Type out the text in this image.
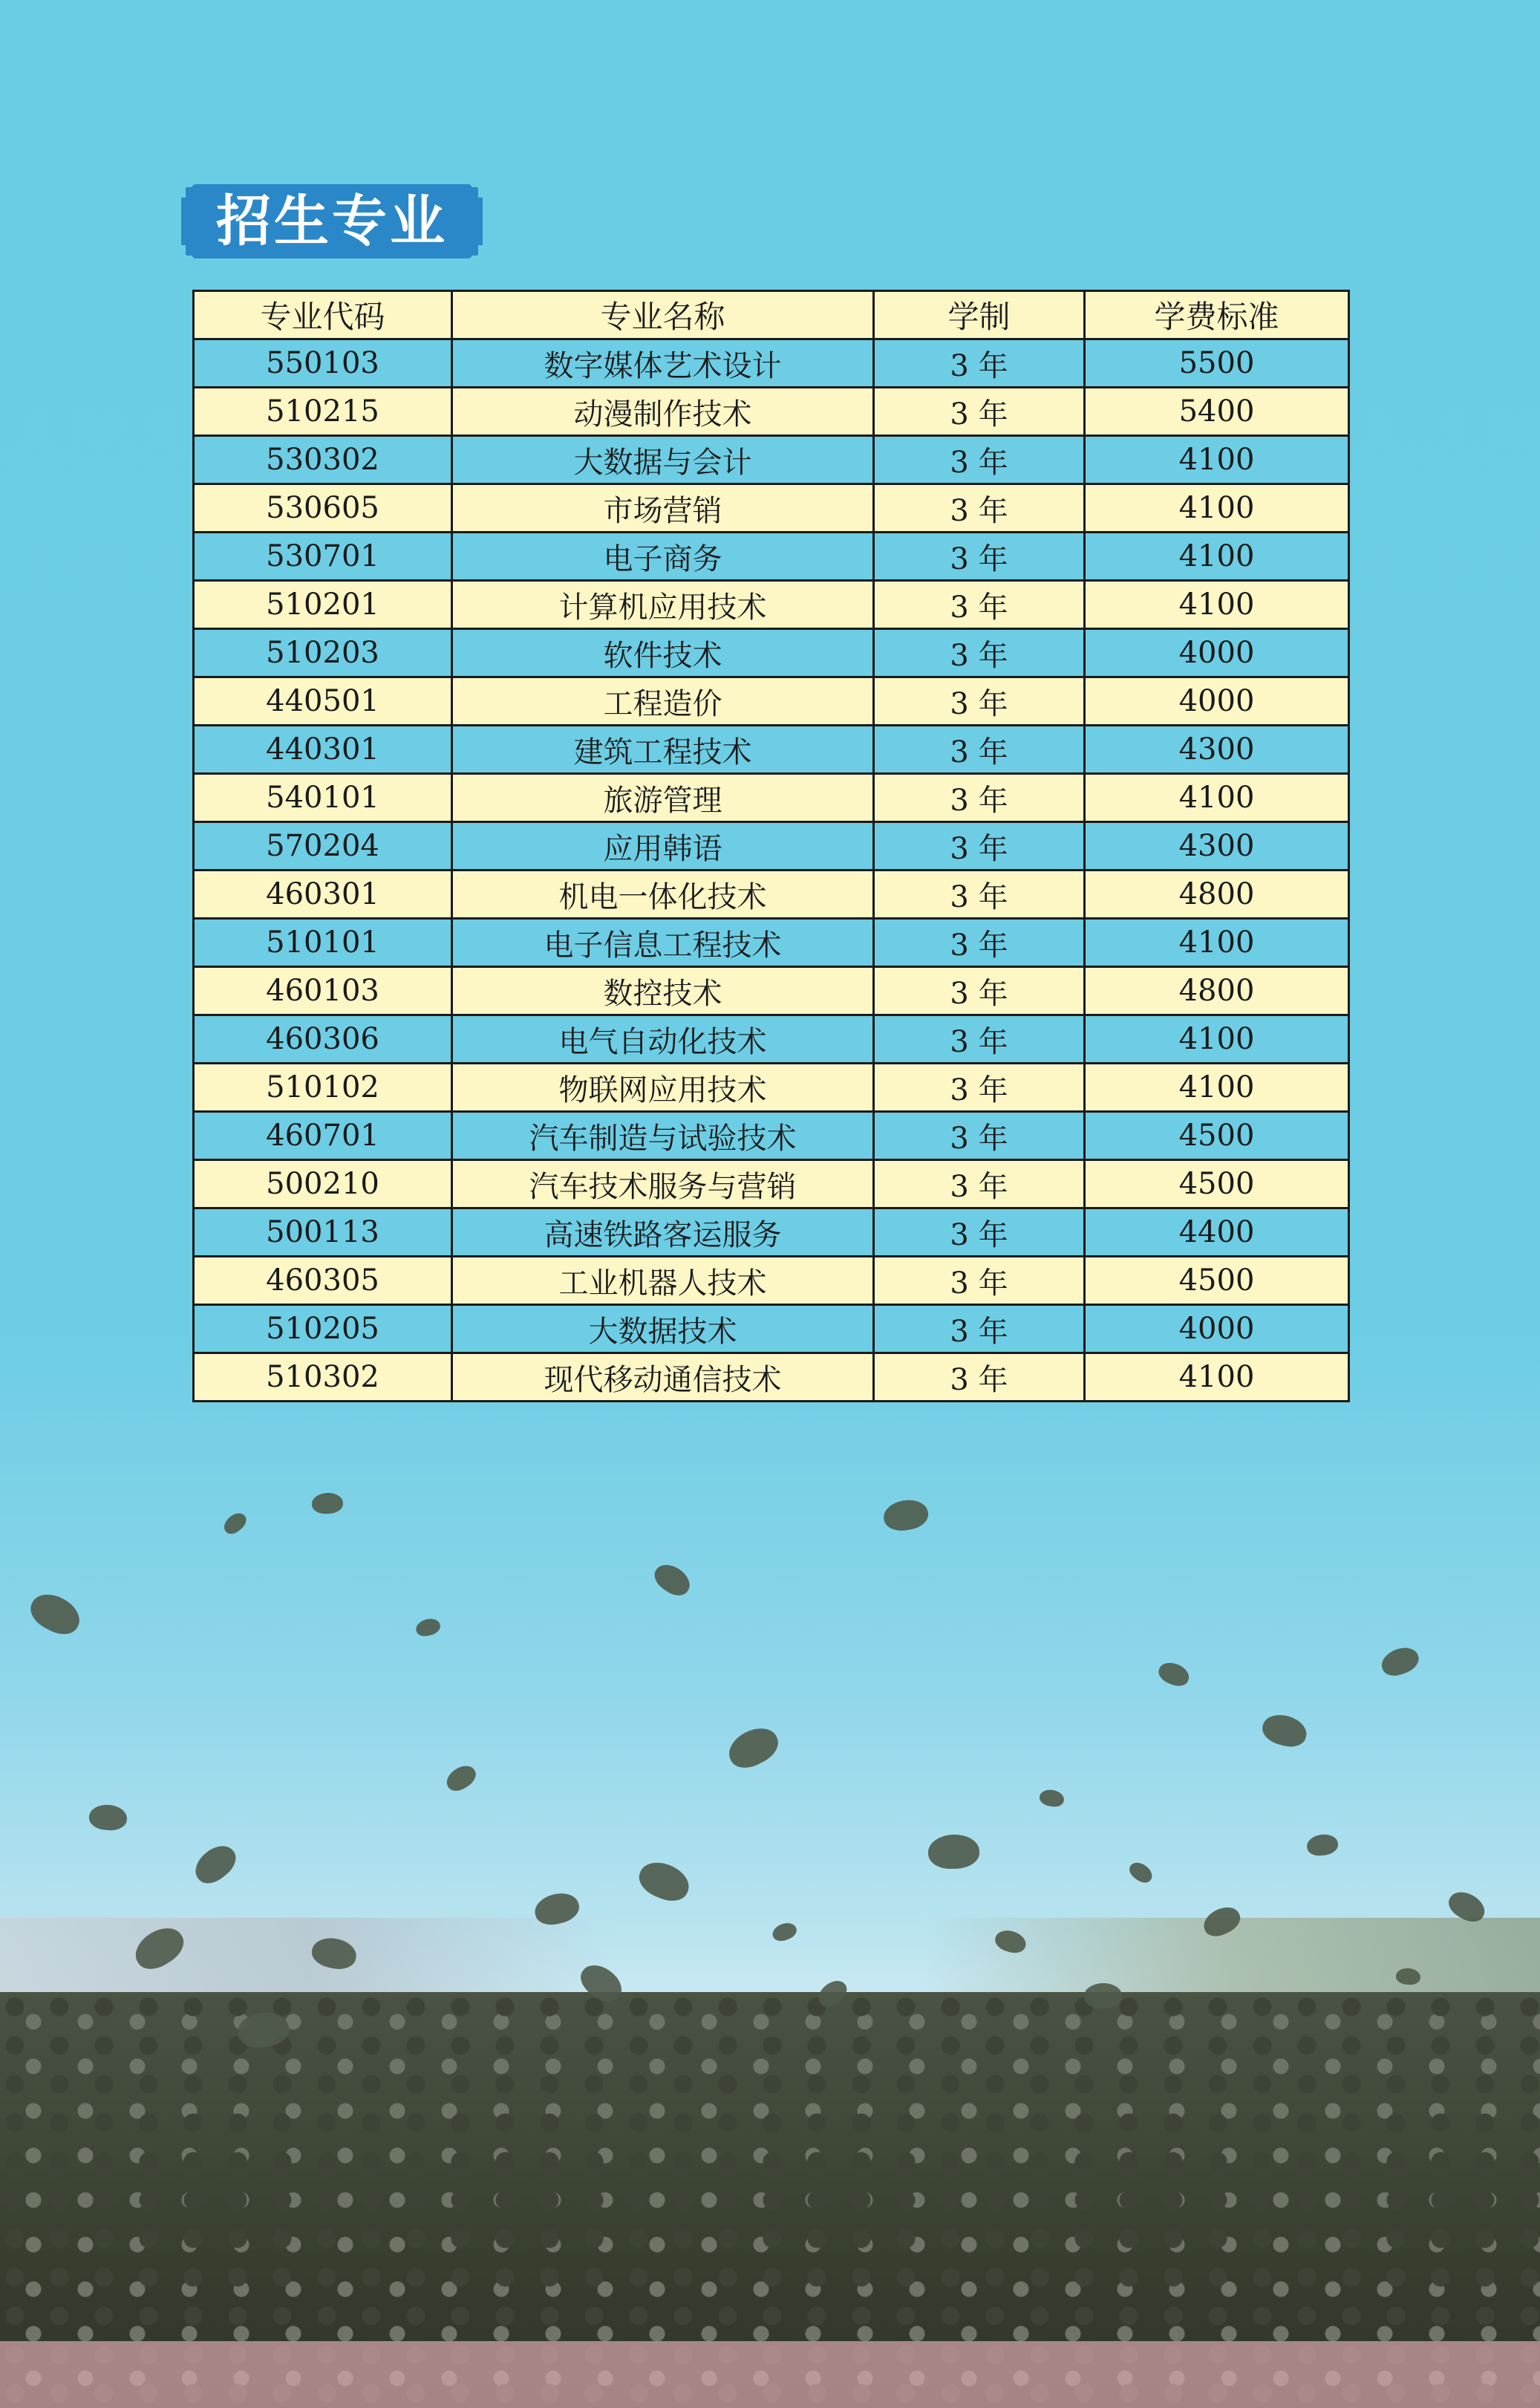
招生专业
专业代码	专业名称	学制	学费标准
550103	数字媒体艺术设计	3 年	5500
510215	动漫制作技术	3 年	5400
530302	大数据与会计	3 年	4100
530605	市场营销	3 年	4100
530701	电子商务	3 年	4100
510201	计算机应用技术	3 年	4100
510203	软件技术	3 年	4000
440501	工程造价	3 年	4000
440301	建筑工程技术	3 年	4300
540101	旅游管理	3 年	4100
570204	应用韩语	3 年	4300
460301	机电一体化技术	3 年	4800
510101	电子信息工程技术	3 年	4100
460103	数控技术	3 年	4800
460306	电气自动化技术	3 年	4100
510102	物联网应用技术	3 年	4100
460701	汽车制造与试验技术	3 年	4500
500210	汽车技术服务与营销	3 年	4500
500113	高速铁路客运服务	3 年	4400
460305	工业机器人技术	3 年	4500
510205	大数据技术	3 年	4000
510302	现代移动通信技术	3 年	4100
